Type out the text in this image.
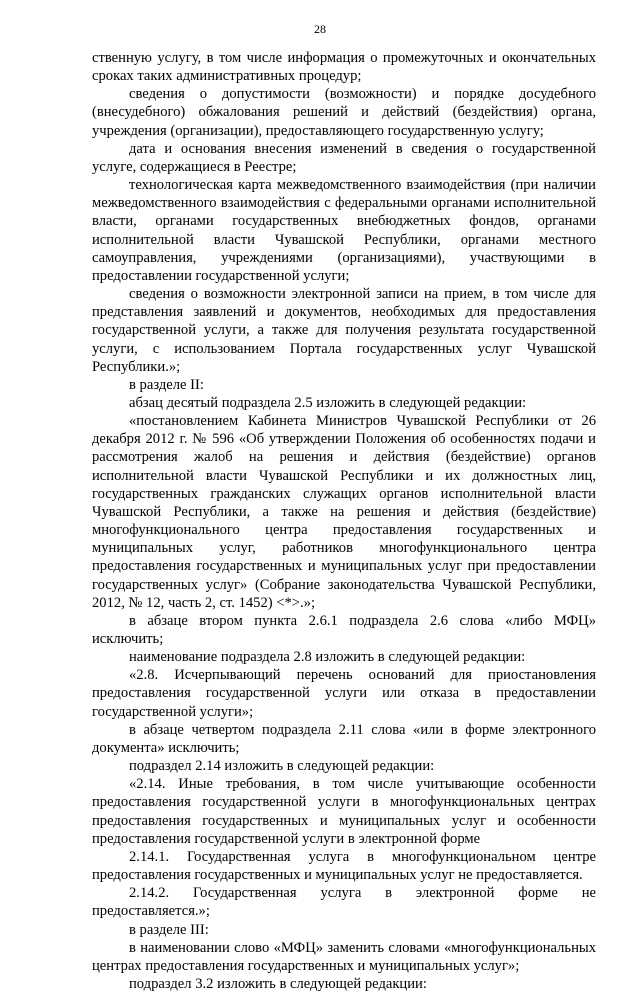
28

ственную услугу, в том числе информация о промежуточных и окончательных сроках таких административных процедур;

сведения о допустимости (возможности) и порядке досудебного (внесудебного) обжалования решений и действий (бездействия) органа, учреждения (организации), предоставляющего государственную услугу;

дата и основания внесения изменений в сведения о государственной услуге, содержащиеся в Реестре;

технологическая карта межведомственного взаимодействия (при наличии межведомственного взаимодействия с федеральными органами исполнительной власти, органами государственных внебюджетных фондов, органами исполнительной власти Чувашской Республики, органами местного самоуправления, учреждениями (организациями), участвующими в предоставлении государственной услуги;

сведения о возможности электронной записи на прием, в том числе для представления заявлений и документов, необходимых для предоставления государственной услуги, а также для получения результата государственной услуги, с использованием Портала государственных услуг Чувашской Республики.»;

в разделе II:

абзац десятый подраздела 2.5 изложить в следующей редакции:

«постановлением Кабинета Министров Чувашской Республики от 26 декабря 2012 г. № 596 «Об утверждении Положения об особенностях подачи и рассмотрения жалоб на решения и действия (бездействие) органов исполнительной власти Чувашской Республики и их должностных лиц, государственных гражданских служащих органов исполнительной власти Чувашской Республики, а также на решения и действия (бездействие) многофункционального центра предоставления государственных и муниципальных услуг, работников многофункционального центра предоставления государственных и муниципальных услуг при предоставлении государственных услуг» (Собрание законодательства Чувашской Республики, 2012, № 12, часть 2, ст. 1452) <*>.»;

в абзаце втором пункта 2.6.1 подраздела 2.6 слова «либо МФЦ» исключить;

наименование подраздела 2.8 изложить в следующей редакции:

«2.8. Исчерпывающий перечень оснований для приостановления предоставления государственной услуги или отказа в предоставлении государственной услуги»;

в абзаце четвертом подраздела 2.11 слова «или в форме электронного документа» исключить;

подраздел 2.14 изложить в следующей редакции:

«2.14. Иные требования, в том числе учитывающие особенности предоставления государственной услуги в многофункциональных центрах предоставления государственных и муниципальных услуг и особенности предоставления государственной услуги в электронной форме

2.14.1. Государственная услуга в многофункциональном центре предоставления государственных и муниципальных услуг не предоставляется.

2.14.2. Государственная услуга в электронной форме не предоставляется.»;

в разделе III:

в наименовании слово «МФЦ» заменить словами «многофункциональных центрах предоставления государственных и муниципальных услуг»;

подраздел 3.2 изложить в следующей редакции:
